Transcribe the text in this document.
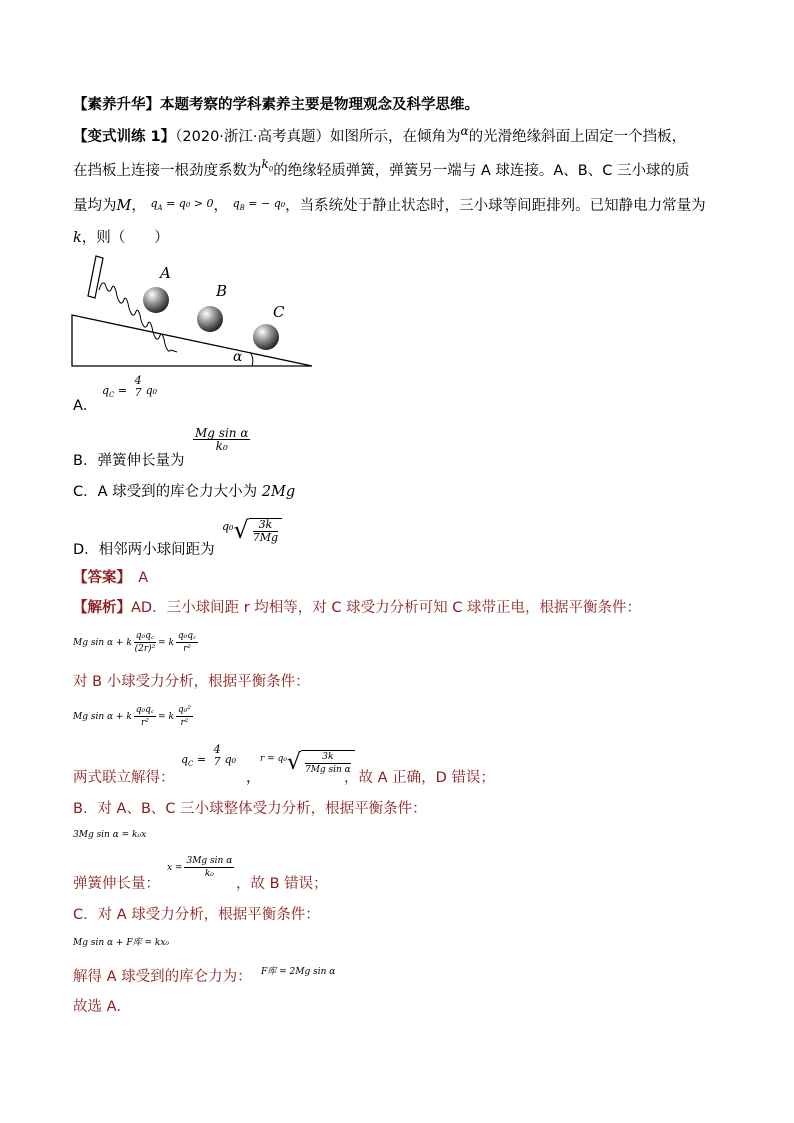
【素养升华】本题考察的学科素养主要是物理观念及科学思维。
【变式训练 1】（2020·浙江·高考真题）如图所示，在倾角为$^\alpha$的光滑绝缘斜面上固定一个挡板，
在挡板上连接一根劲度系数为$^{k_0}$的绝缘轻质弹簧，弹簧另一端与 A 球连接。A、B、C 三小球的质
量均为M， $^{q_A = q_0 > 0}$， $^{q_B = - q_0}$，当系统处于静止状态时，三小球等间距排列。已知静电力常量为
k，则（　　）
A
B
C
α
A．
$q_C$ =
4
7 q₀
B．弹簧伸长量为
$\frac{\text{Mg sin α}}{\text{k₀}}$
C．A 球受到的库仑力大小为 2Mg
D．相邻两小球间距为
$q_0√ \frac{3k}{7Mg}$
【答案】　 A
【解析】AD．三小球间距 r 均相等，对 C 球受力分析可知 C 球带正电，根据平衡条件：
Mg sin α + k $\frac{\text{q₀q꜀}}{\text{(2r)²}} = k \frac{\text{q₀q꜀}}{\text{r²}}$
对 B 小球受力分析，根据平衡条件：
Mg sin α + k $\frac{\text{q₀q꜀}}{\text{r²}} = k \frac{\text{q₀²}}{\text{r²}}$
两式联立解得：
$q_C$ =
4
7 q₀
，
$r = q_0√ \frac{3k}{\text{7Mg sin α}}$
，故 A 正确，D 错误；
B．对 A、B、C 三小球整体受力分析，根据平衡条件：
3Mg sin α = k₀x
弹簧伸长量：
$x = \frac{\text{3Mg sin α}}{\text{k₀}}$
，故 B 错误；
C．对 A 球受力分析，根据平衡条件：
Mg sin α + F库 = kx₀
解得 A 球受到的库仑力为： F库 = 2Mg sin α
故选 A．
